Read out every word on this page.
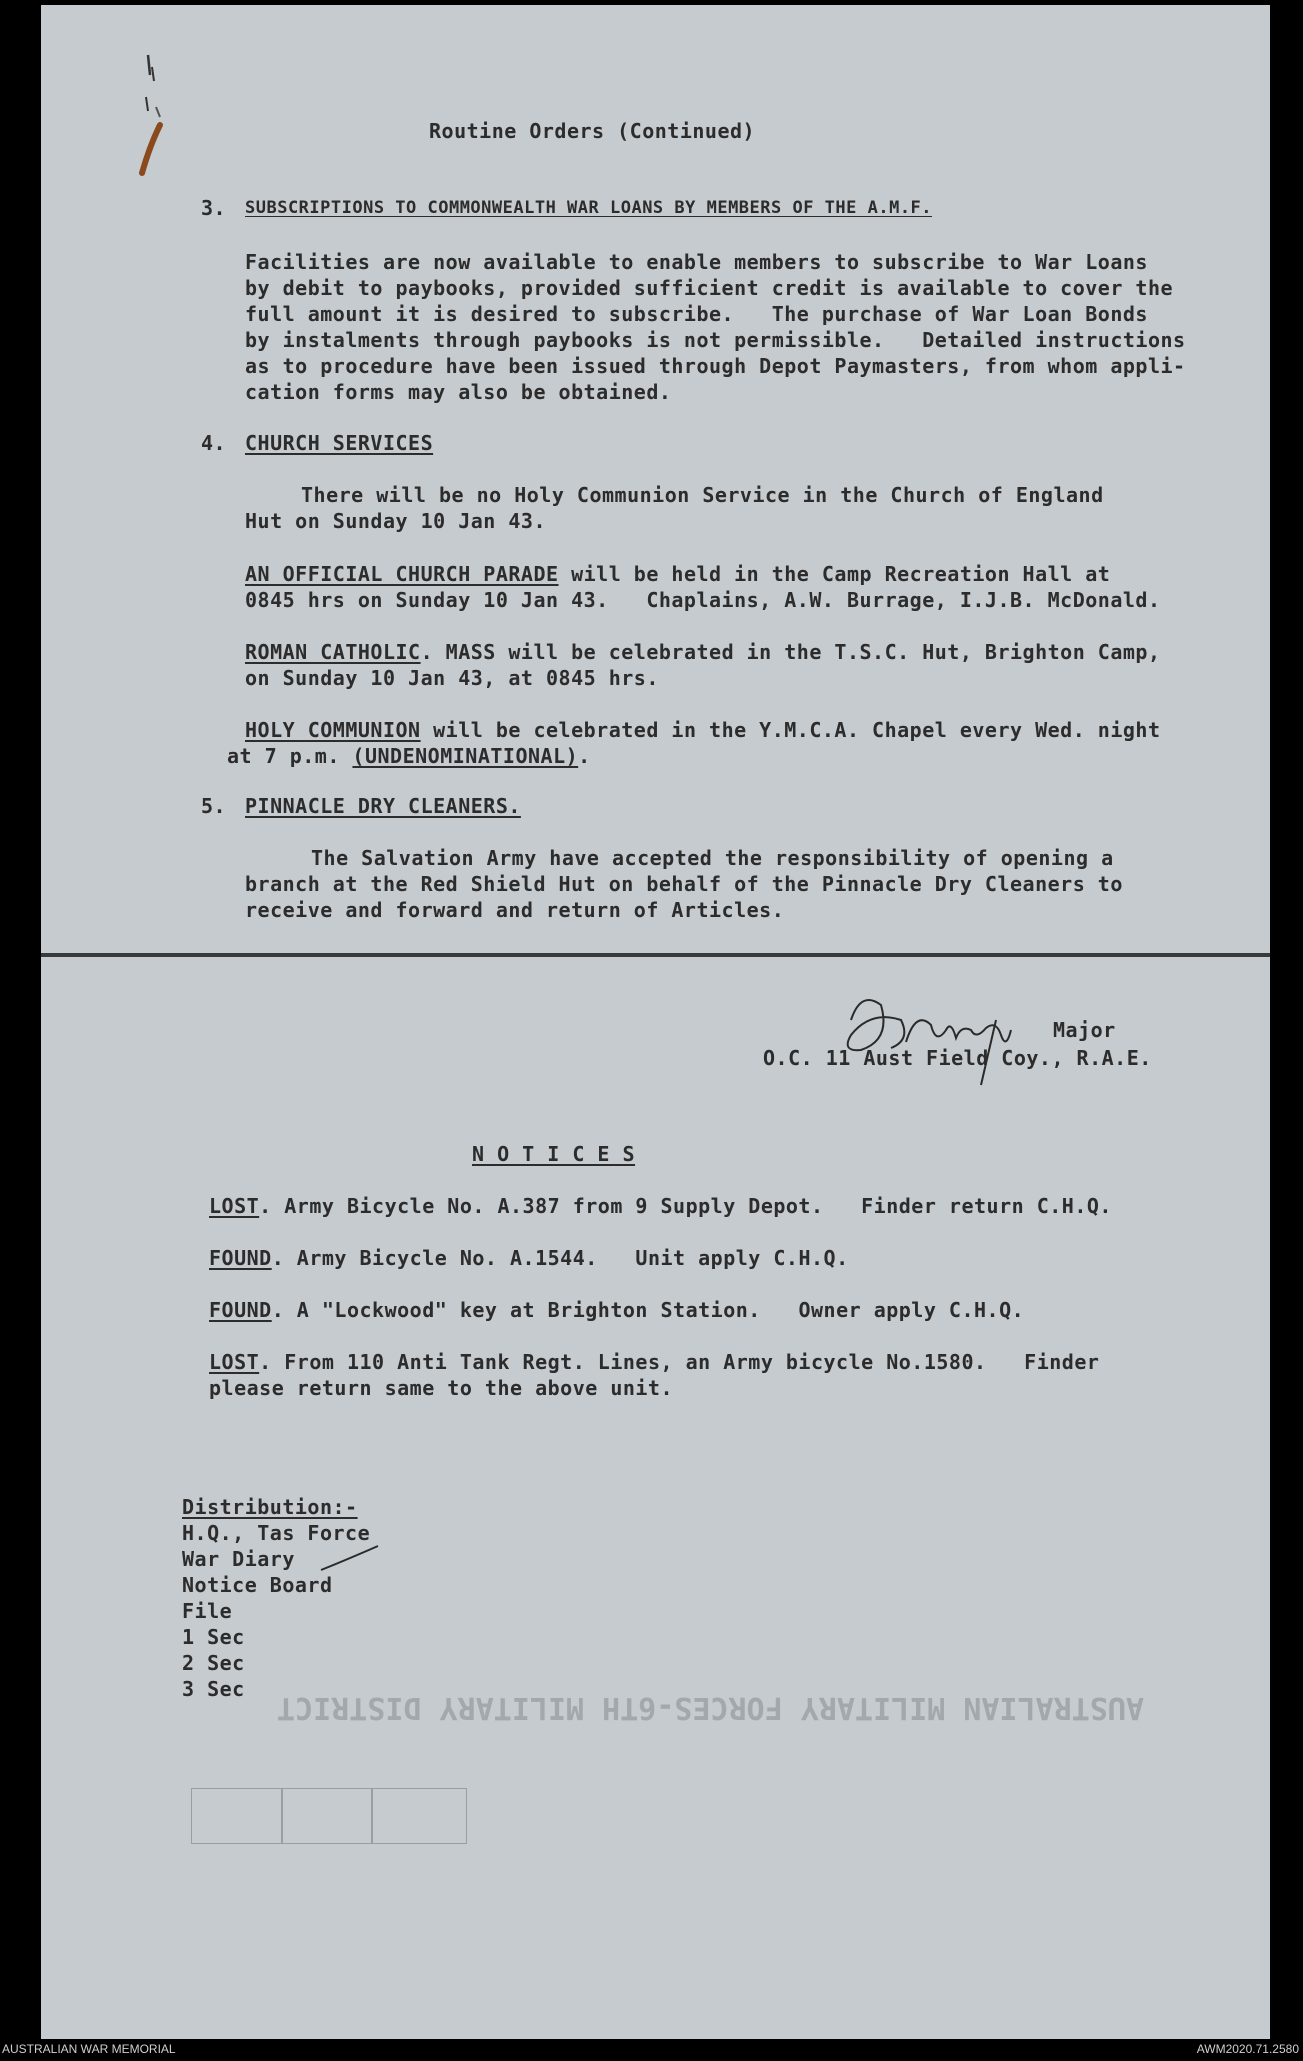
Routine Orders (Continued)
3. SUBSCRIPTIONS TO COMMONWEALTH WAR LOANS BY MEMBERS OF THE A.M.F.
Facilities are now available to enable members to subscribe to War Loans
by debit to paybooks, provided sufficient credit is available to cover the
full amount it is desired to subscribe.   The purchase of War Loan Bonds
by instalments through paybooks is not permissible.   Detailed instructions
as to procedure have been issued through Depot Paymasters, from whom appli-
cation forms may also be obtained.
4. CHURCH SERVICES
There will be no Holy Communion Service in the Church of England
Hut on Sunday 10 Jan 43.
AN OFFICIAL CHURCH PARADE will be held in the Camp Recreation Hall at
0845 hrs on Sunday 10 Jan 43.   Chaplains, A.W. Burrage, I.J.B. McDonald.
ROMAN CATHOLIC. MASS will be celebrated in the T.S.C. Hut, Brighton Camp,
on Sunday 10 Jan 43, at 0845 hrs.
HOLY COMMUNION will be celebrated in the Y.M.C.A. Chapel every Wed. night
at 7 p.m. (UNDENOMINATIONAL).
5. PINNACLE DRY CLEANERS.
The Salvation Army have accepted the responsibility of opening a
branch at the Red Shield Hut on behalf of the Pinnacle Dry Cleaners to
receive and forward and return of Articles.
Major
O.C. 11 Aust Field Coy., R.A.E.
N O T I C E S
LOST. Army Bicycle No. A.387 from 9 Supply Depot.   Finder return C.H.Q.
FOUND. Army Bicycle No. A.1544.   Unit apply C.H.Q.
FOUND. A "Lockwood" key at Brighton Station.   Owner apply C.H.Q.
LOST. From 110 Anti Tank Regt. Lines, an Army bicycle No.1580.   Finder
please return same to the above unit.
Distribution:-
H.Q., Tas Force
War Diary
Notice Board
File
1 Sec
2 Sec
3 Sec
AUSTRALIAN MILITARY FORCES-6TH MILITARY DISTRICT
AUSTRALIAN WAR MEMORIAL	AWM2020.71.2580
